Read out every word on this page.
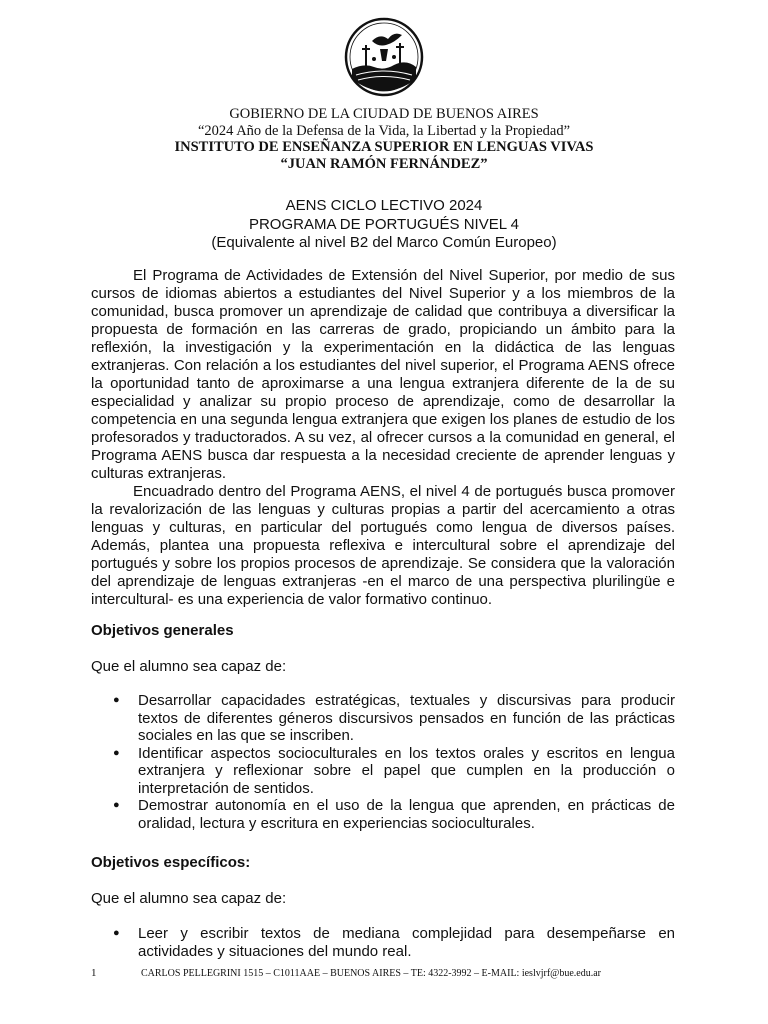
GOBIERNO DE LA CIUDAD DE BUENOS AIRES
“2024 Año de la Defensa de la Vida, la Libertad y la Propiedad”
INSTITUTO DE ENSEÑANZA SUPERIOR EN LENGUAS VIVAS
“JUAN RAMÓN FERNÁNDEZ”
AENS CICLO LECTIVO 2024
PROGRAMA DE PORTUGUÉS NIVEL 4
(Equivalente al nivel B2 del Marco Común Europeo)

El Programa de Actividades de Extensión del Nivel Superior, por medio de sus cursos de idiomas abiertos a estudiantes del Nivel Superior y a los miembros de la comunidad, busca promover un aprendizaje de calidad que contribuya a diversificar la propuesta de formación en las carreras de grado, propiciando un ámbito para la reflexión, la investigación y la experimentación en la didáctica de las lenguas extranjeras. Con relación a los estudiantes del nivel superior, el Programa AENS ofrece la oportunidad tanto de aproximarse a una lengua extranjera diferente de la de su especialidad y analizar su propio proceso de aprendizaje, como de desarrollar la competencia en una segunda lengua extranjera que exigen los planes de estudio de los profesorados y traductorados. A su vez, al ofrecer cursos a la comunidad en general, el Programa AENS busca dar respuesta a la necesidad creciente de aprender lenguas y culturas extranjeras.

Encuadrado dentro del Programa AENS, el nivel 4 de portugués busca promover la revalorización de las lenguas y culturas propias a partir del acercamiento a otras lenguas y culturas, en particular del portugués como lengua de diversos países. Además, plantea una propuesta reflexiva e intercultural sobre el aprendizaje del portugués y sobre los propios procesos de aprendizaje. Se considera que la valoración del aprendizaje de lenguas extranjeras -en el marco de una perspectiva plurilingüe e intercultural- es una experiencia de valor formativo continuo.

Objetivos generales
Que el alumno sea capaz de:
● Desarrollar capacidades estratégicas, textuales y discursivas para producir textos de diferentes géneros discursivos pensados en función de las prácticas sociales en las que se inscriben.
● Identificar aspectos socioculturales en los textos orales y escritos en lengua extranjera y reflexionar sobre el papel que cumplen en la producción o interpretación de sentidos.
● Demostrar autonomía en el uso de la lengua que aprenden, en prácticas de oralidad, lectura y escritura en experiencias socioculturales.
Objetivos específicos:
Que el alumno sea capaz de:
● Leer y escribir textos de mediana complejidad para desempeñarse en actividades y situaciones del mundo real.
1	CARLOS PELLEGRINI 1515 – C1011AAE – BUENOS AIRES – TE: 4322-3992 – E-MAIL: ieslvjrf@bue.edu.ar
